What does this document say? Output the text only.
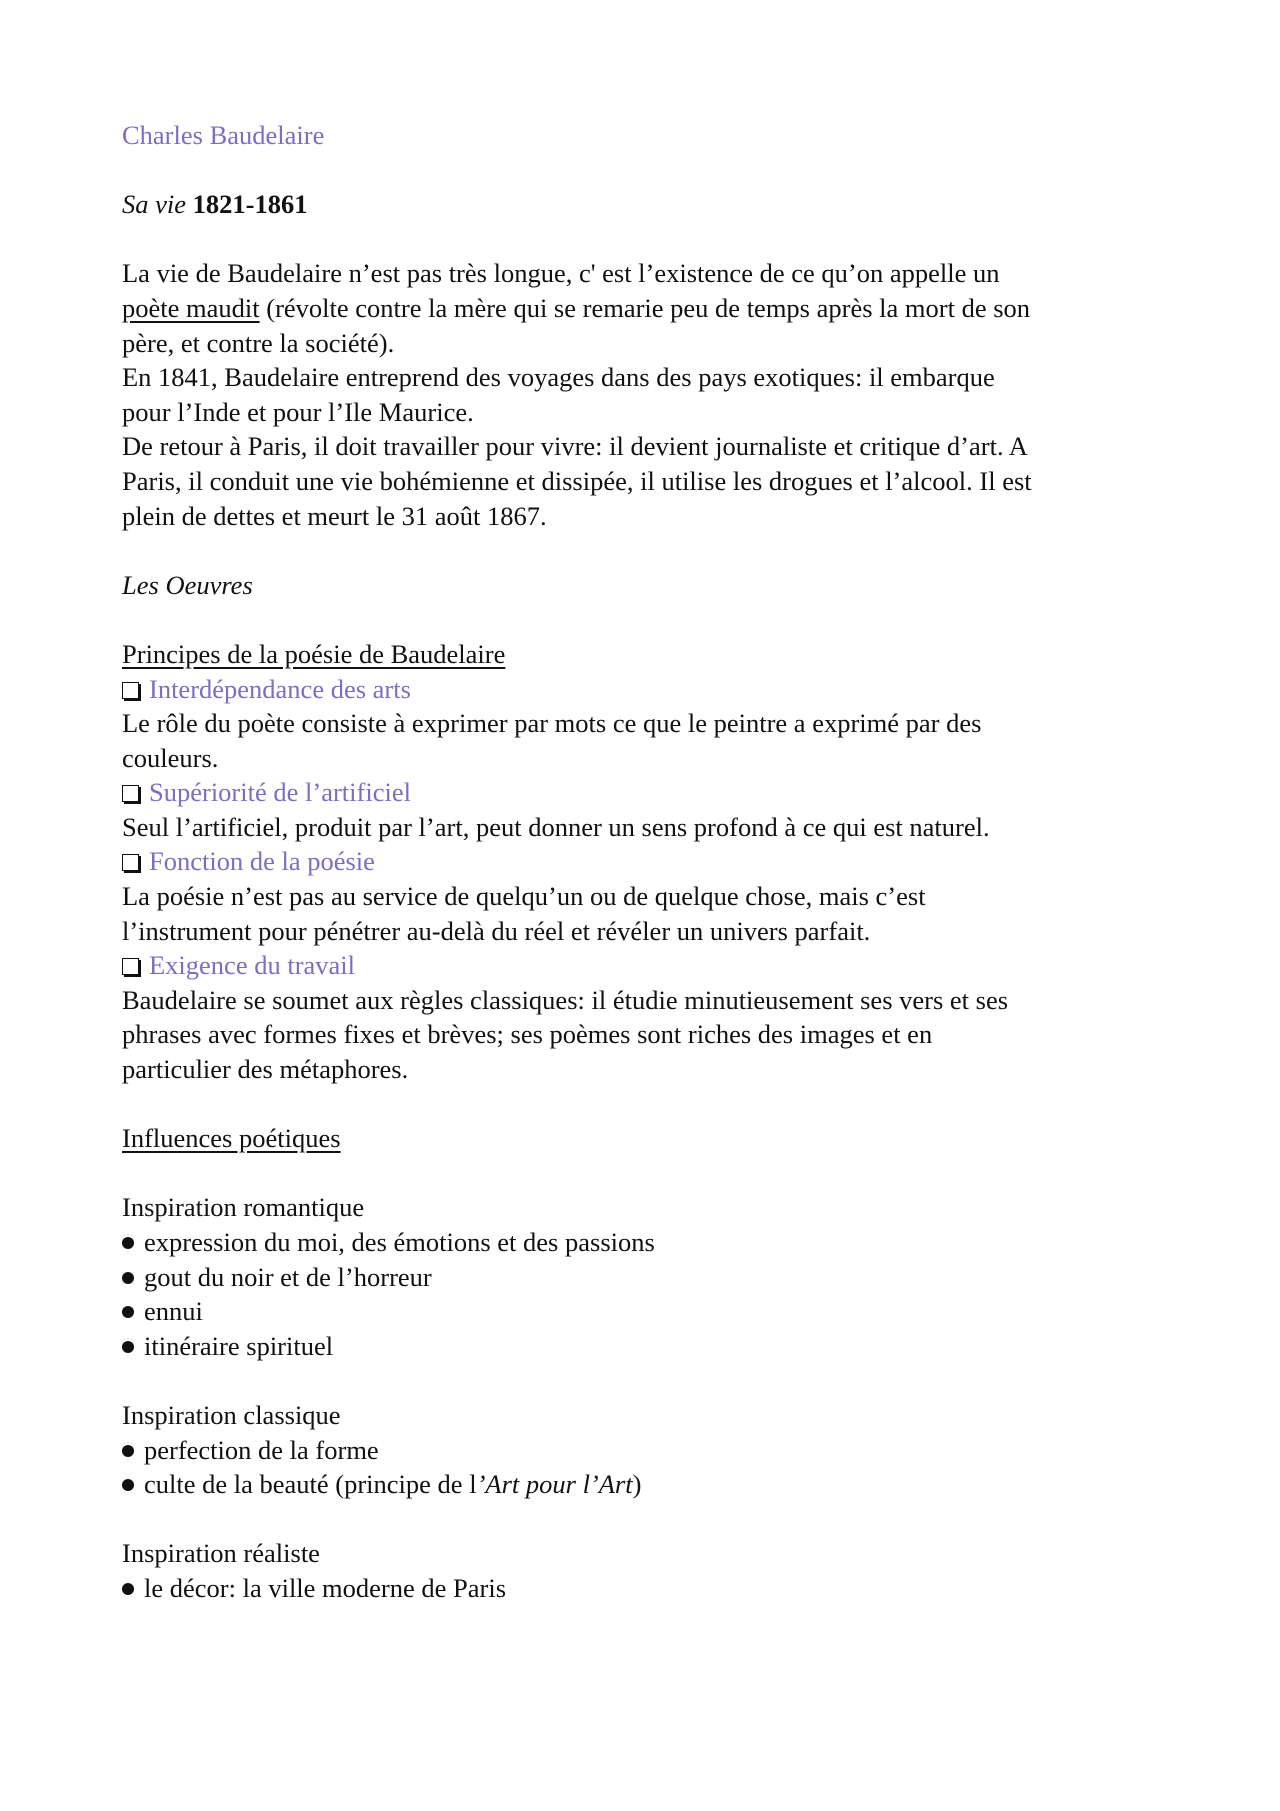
Charles Baudelaire
Sa vie 1821-1861
La vie de Baudelaire n’est pas très longue, c' est l’existence de ce qu’on appelle un
poète maudit (révolte contre la mère qui se remarie peu de temps après la mort de son
père, et contre la société).
En 1841, Baudelaire entreprend des voyages dans des pays exotiques: il embarque
pour l’Inde et pour l’Ile Maurice.
De retour à Paris, il doit travailler pour vivre: il devient journaliste et critique d’art. A
Paris, il conduit une vie bohémienne et dissipée, il utilise les drogues et l’alcool. Il est
plein de dettes et meurt le 31 août 1867.
Les Oeuvres
Principes de la poésie de Baudelaire
Interdépendance des arts
Le rôle du poète consiste à exprimer par mots ce que le peintre a exprimé par des
couleurs.
Supériorité de l’artificiel
Seul l’artificiel, produit par l’art, peut donner un sens profond à ce qui est naturel.
Fonction de la poésie
La poésie n’est pas au service de quelqu’un ou de quelque chose, mais c’est
l’instrument pour pénétrer au-delà du réel et révéler un univers parfait.
Exigence du travail
Baudelaire se soumet aux règles classiques: il étudie minutieusement ses vers et ses
phrases avec formes fixes et brèves; ses poèmes sont riches des images et en
particulier des métaphores.
Influences poétiques
Inspiration romantique
expression du moi, des émotions et des passions
gout du noir et de l’horreur
ennui
itinéraire spirituel
Inspiration classique
perfection de la forme
culte de la beauté (principe de l’Art pour l’Art)
Inspiration réaliste
le décor: la ville moderne de Paris
